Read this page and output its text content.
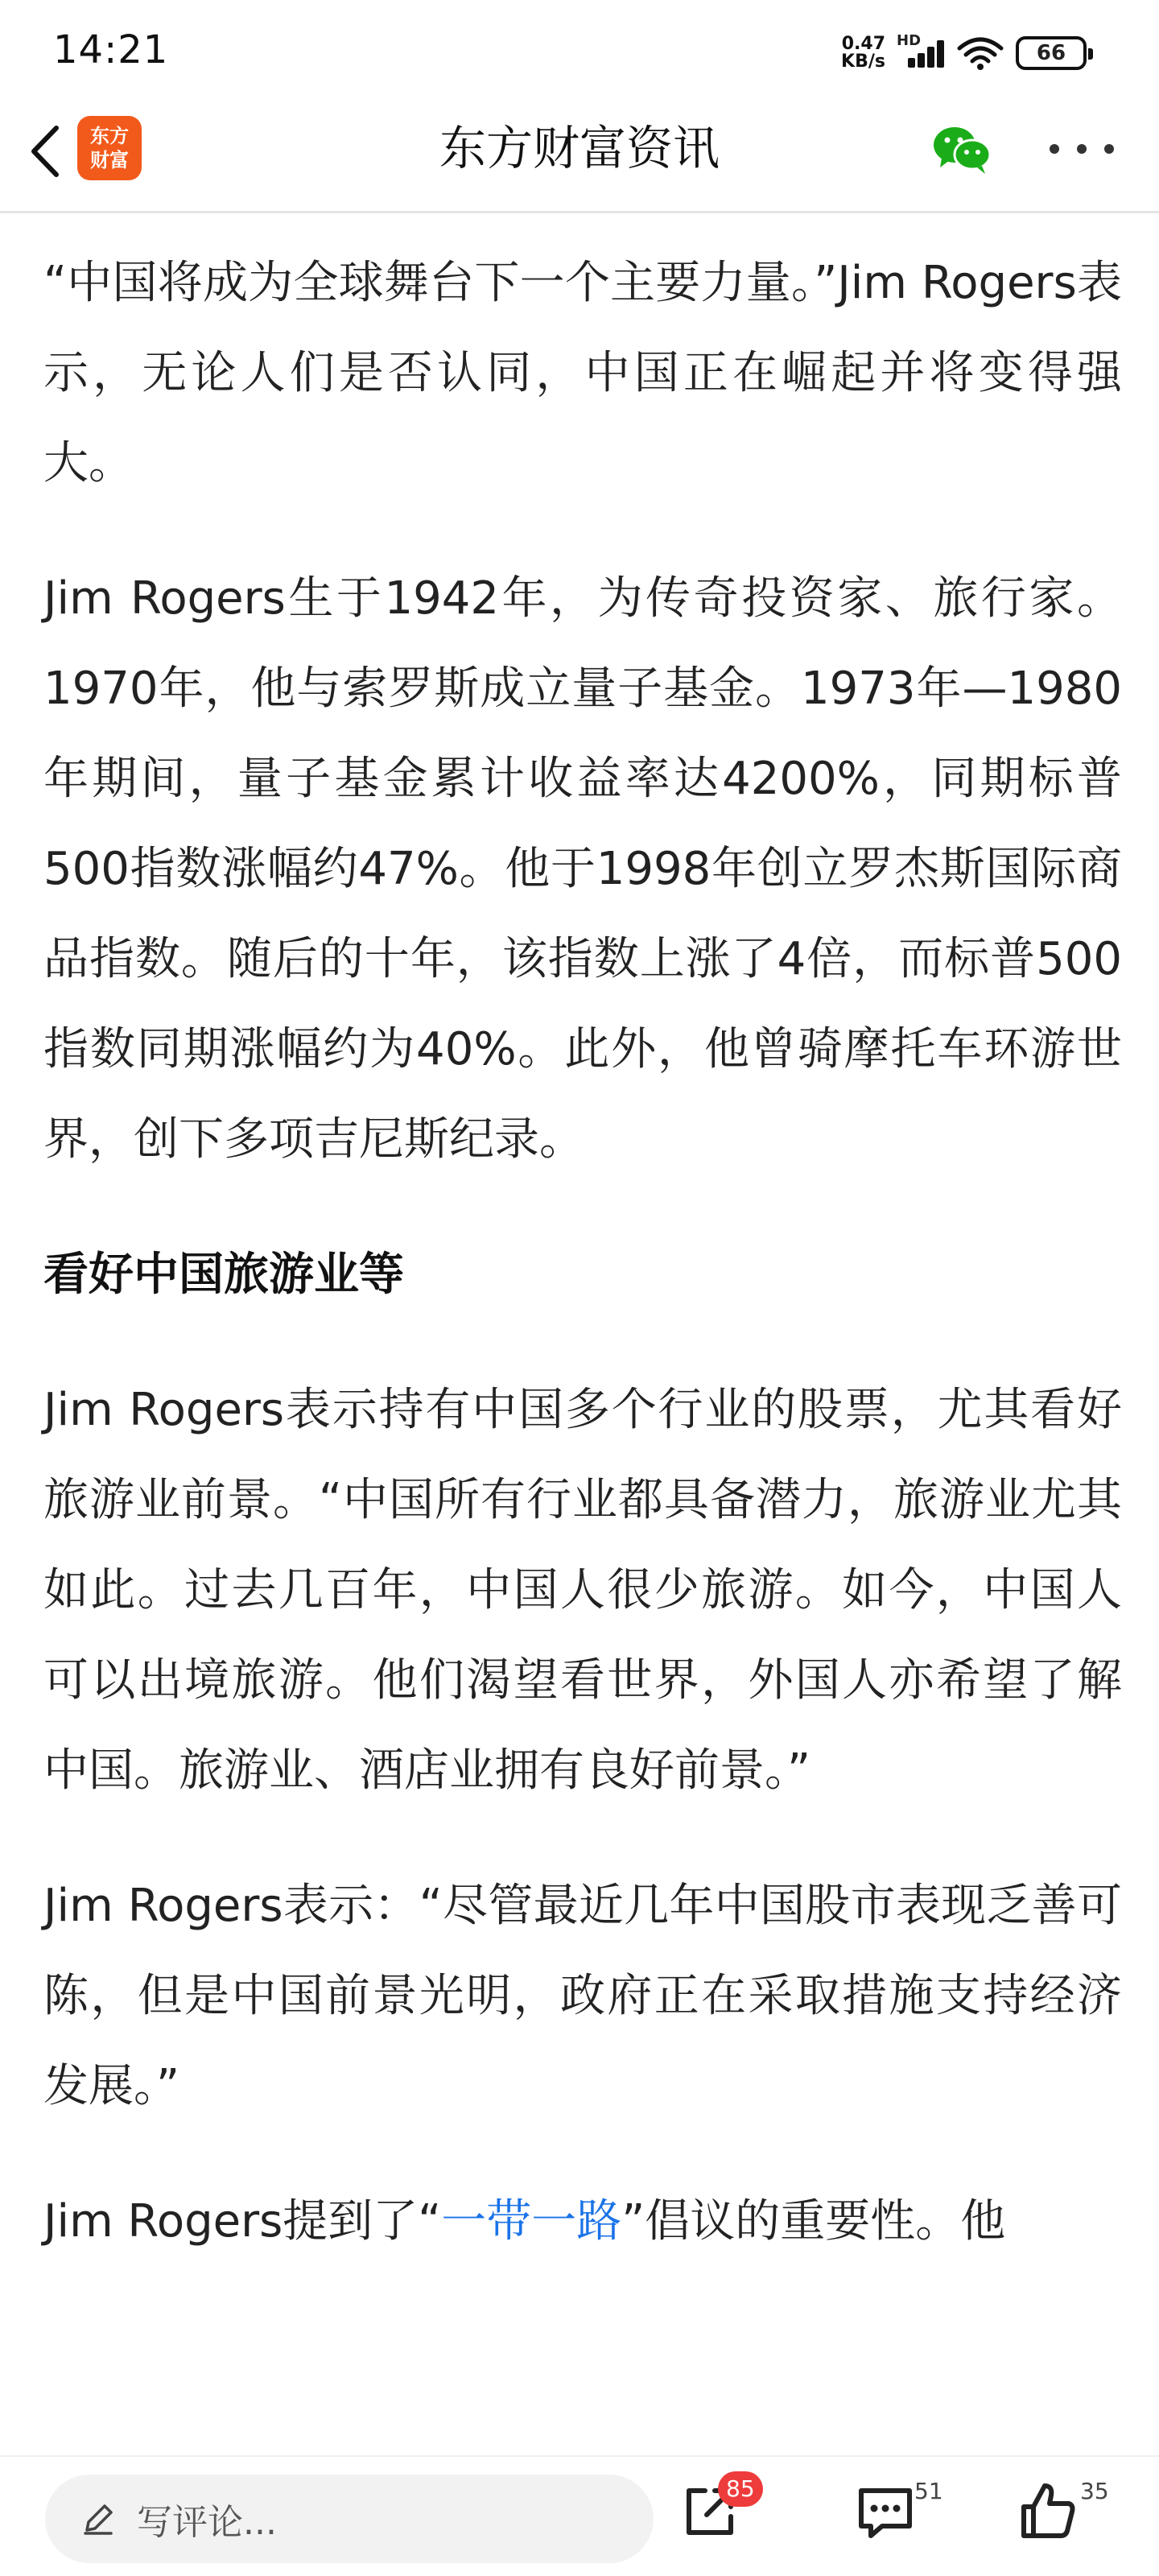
14:21	0.47
KB/s
HD
66
东方
财富	东方财富资讯

“中国将成为全球舞台下一个主要力量。”Jim Rogers表示，无论人们是否认同，中国正在崛起并将变得强大。

Jim Rogers生于1942年，为传奇投资家、旅行家。1970年，他与索罗斯成立量子基金。1973年—1980年期间，量子基金累计收益率达4200%，同期标普500指数涨幅约47%。他于1998年创立罗杰斯国际商品指数。随后的十年，该指数上涨了4倍，而标普500指数同期涨幅约为40%。此外，他曾骑摩托车环游世界，创下多项吉尼斯纪录。

看好中国旅游业等

Jim Rogers表示持有中国多个行业的股票，尤其看好旅游业前景。“中国所有行业都具备潜力，旅游业尤其如此。过去几百年，中国人很少旅游。如今，中国人可以出境旅游。他们渴望看世界，外国人亦希望了解中国。旅游业、酒店业拥有良好前景。”

Jim Rogers表示：“尽管最近几年中国股市表现乏善可陈，但是中国前景光明，政府正在采取措施支持经济发展。”

Jim Rogers提到了“一带一路”倡议的重要性。他

写评论...
85	51	35
